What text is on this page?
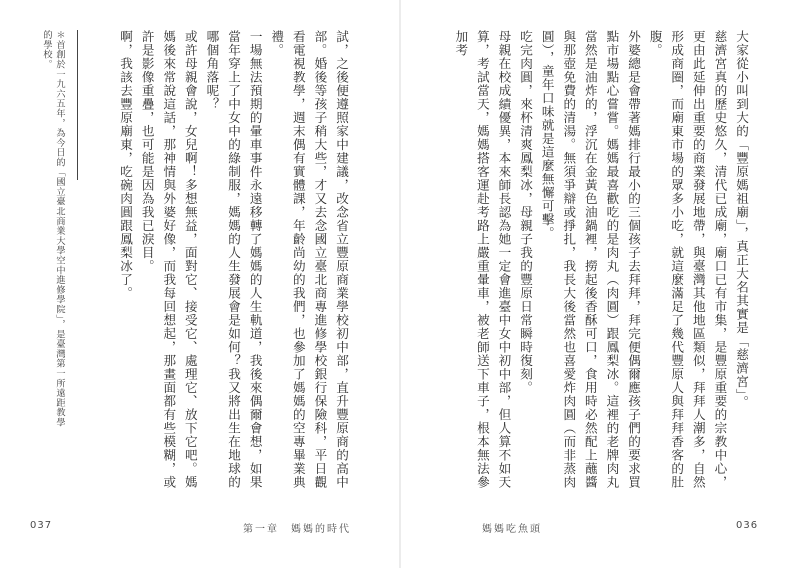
試，之後便遵照家中建議，改念省立豐原商業學校初中部，直升豐原商的高中部。婚後等孩子稍大些，才又去念國立臺北商專進修學校銀行保險科，平日觀看電視教學，週末偶有實體課，年齡尚幼的我們，也參加了媽媽的空專畢業典禮。

一場無法預期的暈車事件永遠移轉了媽媽的人生軌道，我後來偶爾會想，如果當年穿上了中女中的綠制服，媽媽的人生發展會是如何？我又將出生在地球的哪個角落呢？

或許母親會說，女兒啊！多想無益，面對它、接受它、處理它、放下它吧。媽媽後來常說這話，那神情與外婆好像，而我每回想起，那畫面都有些模糊，或許是影像重疊，也可能是因為我已淚目。

啊，我該去豐原廟東，吃碗肉圓跟鳳梨冰了。

＊首創於一九六五年，為今日的「國立臺北商業大學空中進修學院」，是臺灣第一所遠距教學的學校。
037	第一章　媽媽的時代

大家從小叫到大的「豐原媽祖廟」，真正大名其實是「慈濟宮」。

慈濟宮真的歷史悠久，清代已成廟，廟口已有市集，是豐原重要的宗教中心，更由此延伸出重要的商業發展地帶，與臺灣其他地區類似，拜拜人潮多，自然形成商圈，而廟東市場的眾多小吃，就這麼滿足了幾代豐原人與拜拜香客的肚腹。

外婆總是會帶著媽排行最小的三個孩子去拜拜，拜完便偶爾應孩子們的要求買點市場點心嘗嘗。媽媽最喜歡吃的是肉丸（肉圓）跟鳳梨冰。這裡的老牌肉丸當然是油炸的，浮沉在金黃色油鍋裡，撈起後香酥可口，食用時必然配上蘸醬與那壺免費的清湯。無須爭辯或掙扎，我長大後當然也喜愛炸肉圓（而非蒸肉圓），童年口味就是這麼無懈可擊。

吃完肉圓，來杯清爽鳳梨冰，母親子我的豐原日常瞬時復刻。

母親在校成績優異，本來師長認為她一定會進臺中女中初中部，但人算不如天算，考試當天，媽媽搭客運赴考路上嚴重暈車，被老師送下車子，根本無法參加考

媽媽吃魚頭	036
